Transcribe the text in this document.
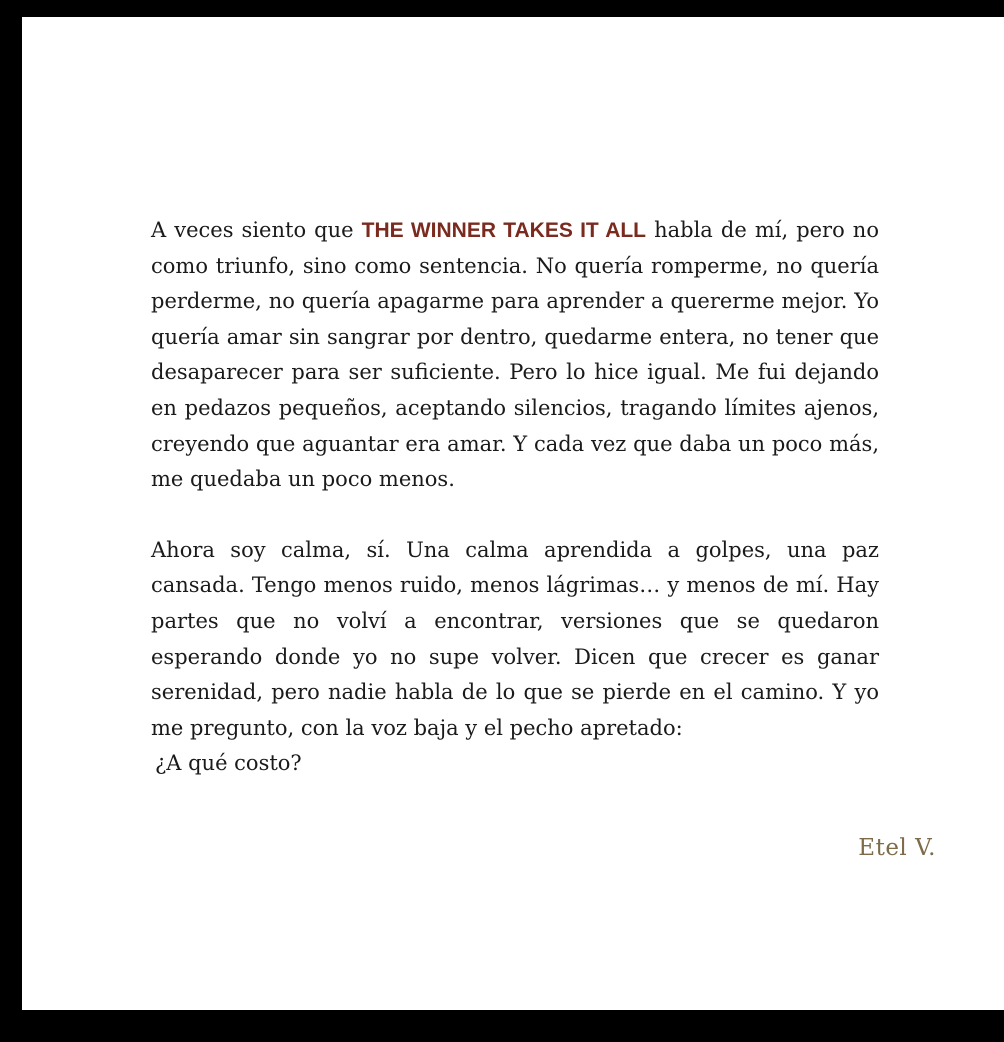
A veces siento que THE WINNER TAKES IT ALL habla de mí, pero no como triunfo, sino como sentencia. No quería romperme, no quería perderme, no quería apagarme para aprender a quererme mejor. Yo quería amar sin sangrar por dentro, quedarme entera, no tener que desaparecer para ser suficiente. Pero lo hice igual. Me fui dejando en pedazos pequeños, aceptando silencios, tragando límites ajenos, creyendo que aguantar era amar. Y cada vez que daba un poco más, me quedaba un poco menos.

Ahora soy calma, sí. Una calma aprendida a golpes, una paz cansada. Tengo menos ruido, menos lágrimas… y menos de mí. Hay partes que no volví a encontrar, versiones que se quedaron esperando donde yo no supe volver. Dicen que crecer es ganar serenidad, pero nadie habla de lo que se pierde en el camino. Y yo me pregunto, con la voz baja y el pecho apretado:

¿A qué costo?

Etel V.
